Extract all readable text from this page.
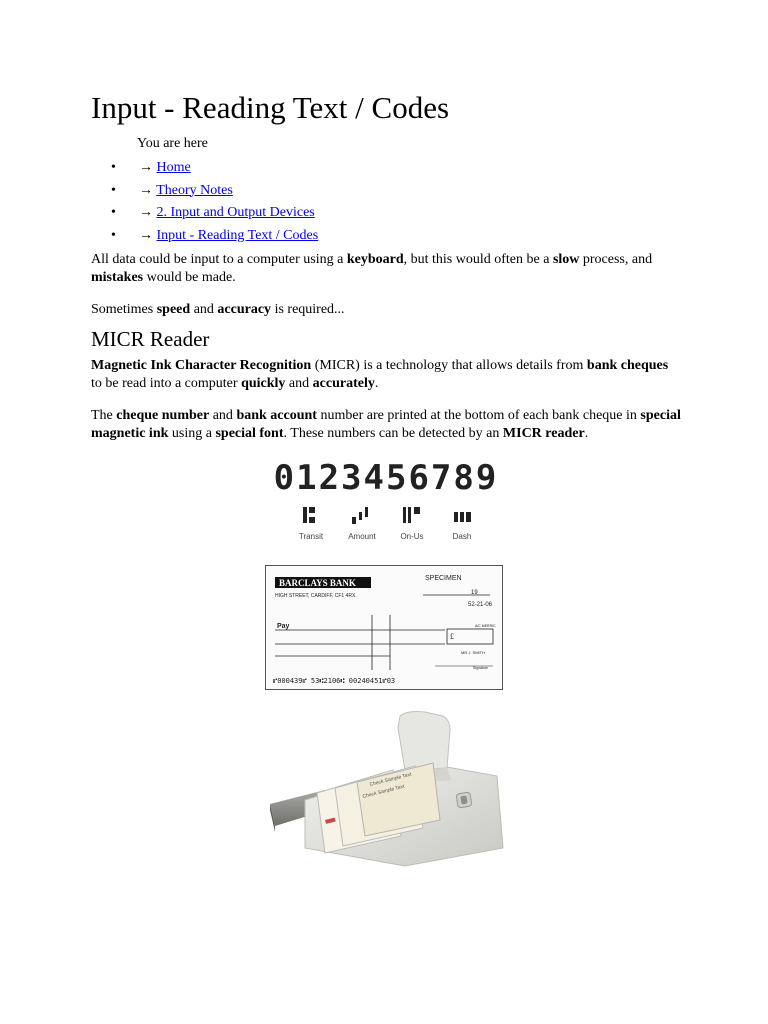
Input - Reading Text / Codes
You are here
• → Home
• → Theory Notes
• → 2. Input and Output Devices
• → Input - Reading Text / Codes

All data could be input to a computer using a keyboard, but this would often be a slow process, and mistakes would be made.

Sometimes speed and accuracy is required...

MICR Reader

Magnetic Ink Character Recognition (MICR) is a technology that allows details from bank cheques to be read into a computer quickly and accurately.

The cheque number and bank account number are printed at the bottom of each bank cheque in special magnetic ink using a special font. These numbers can be detected by an MICR reader.

0123456789
Transit	Amount	On-Us	Dash
BARCLAYS BANK	SPECIMEN
HIGH STREET, CARDIFF, CF1 4RX.	19
52-21-06
Pay
£
A/C MERRIC
MR J. SMITH
Signature
⑈000439⑈ 53⑆2106⑆ 00240451⑈03
Check Sample Text
Check Sample Text
